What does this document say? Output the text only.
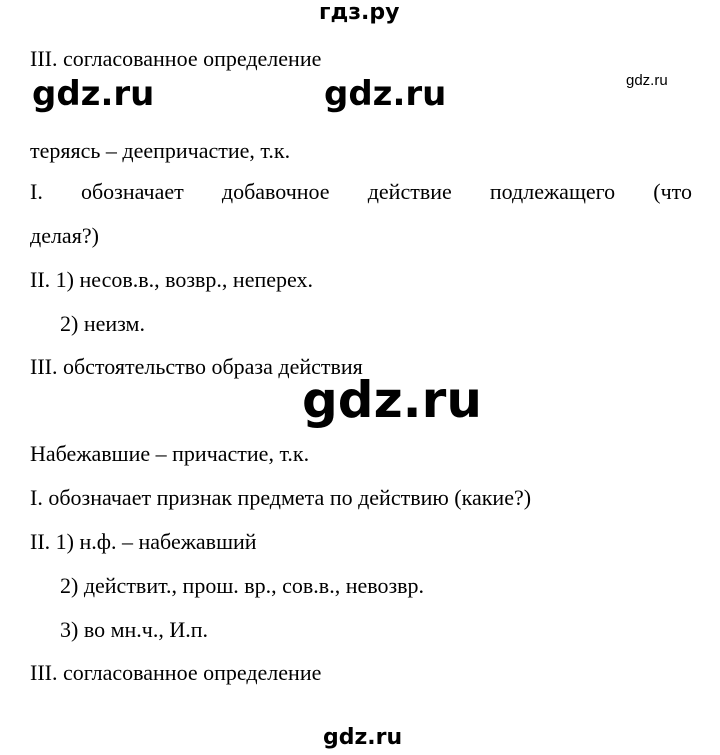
гдз.ру
III. согласованное определение
gdz.ru	gdz.ru	gdz.ru
теряясь – деепричастие, т.к.
I. обозначает добавочное действие подлежащего (что
делая?)
II. 1) несов.в., возвр., неперех.
2) неизм.
III. обстоятельство образа действия
gdz.ru
Набежавшие – причастие, т.к.
I. обозначает признак предмета по действию (какие?)
II. 1) н.ф. – набежавший
2) действит., прош. вр., сов.в., невозвр.
3) во мн.ч., И.п.
III. согласованное определение
gdz.ru
